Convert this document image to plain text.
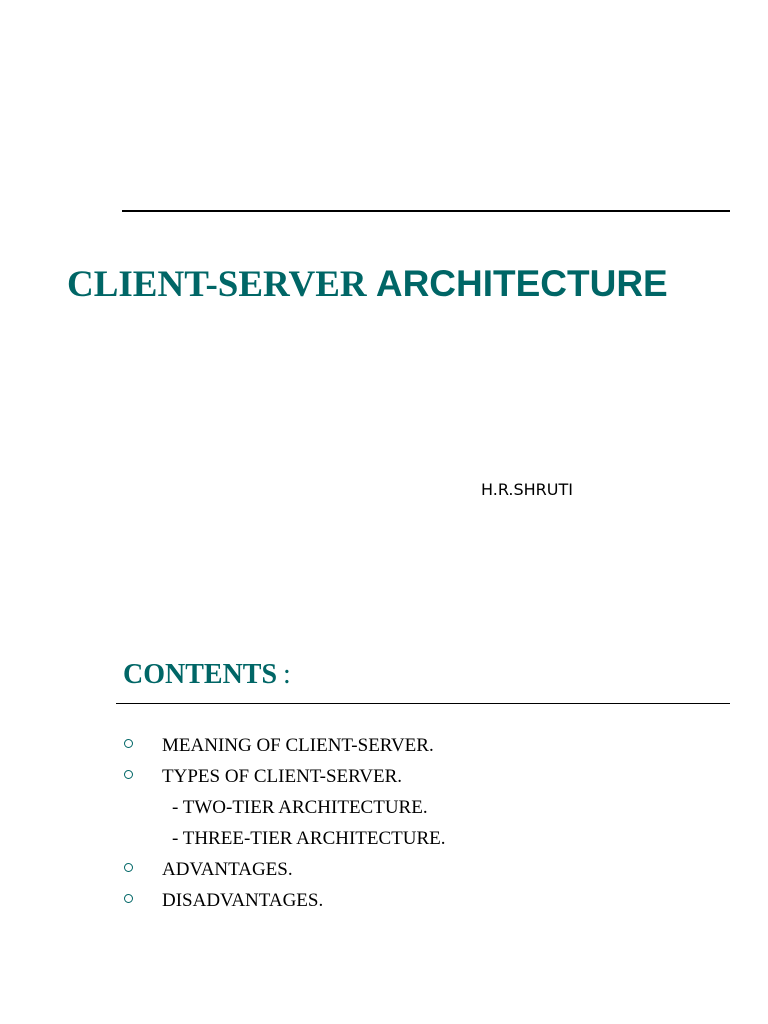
CLIENT-SERVER ARCHITECTURE

H.R.SHRUTI

CONTENTS :
MEANING OF CLIENT-SERVER.
TYPES OF CLIENT-SERVER.
- TWO-TIER ARCHITECTURE.
- THREE-TIER ARCHITECTURE.
ADVANTAGES.
DISADVANTAGES.
